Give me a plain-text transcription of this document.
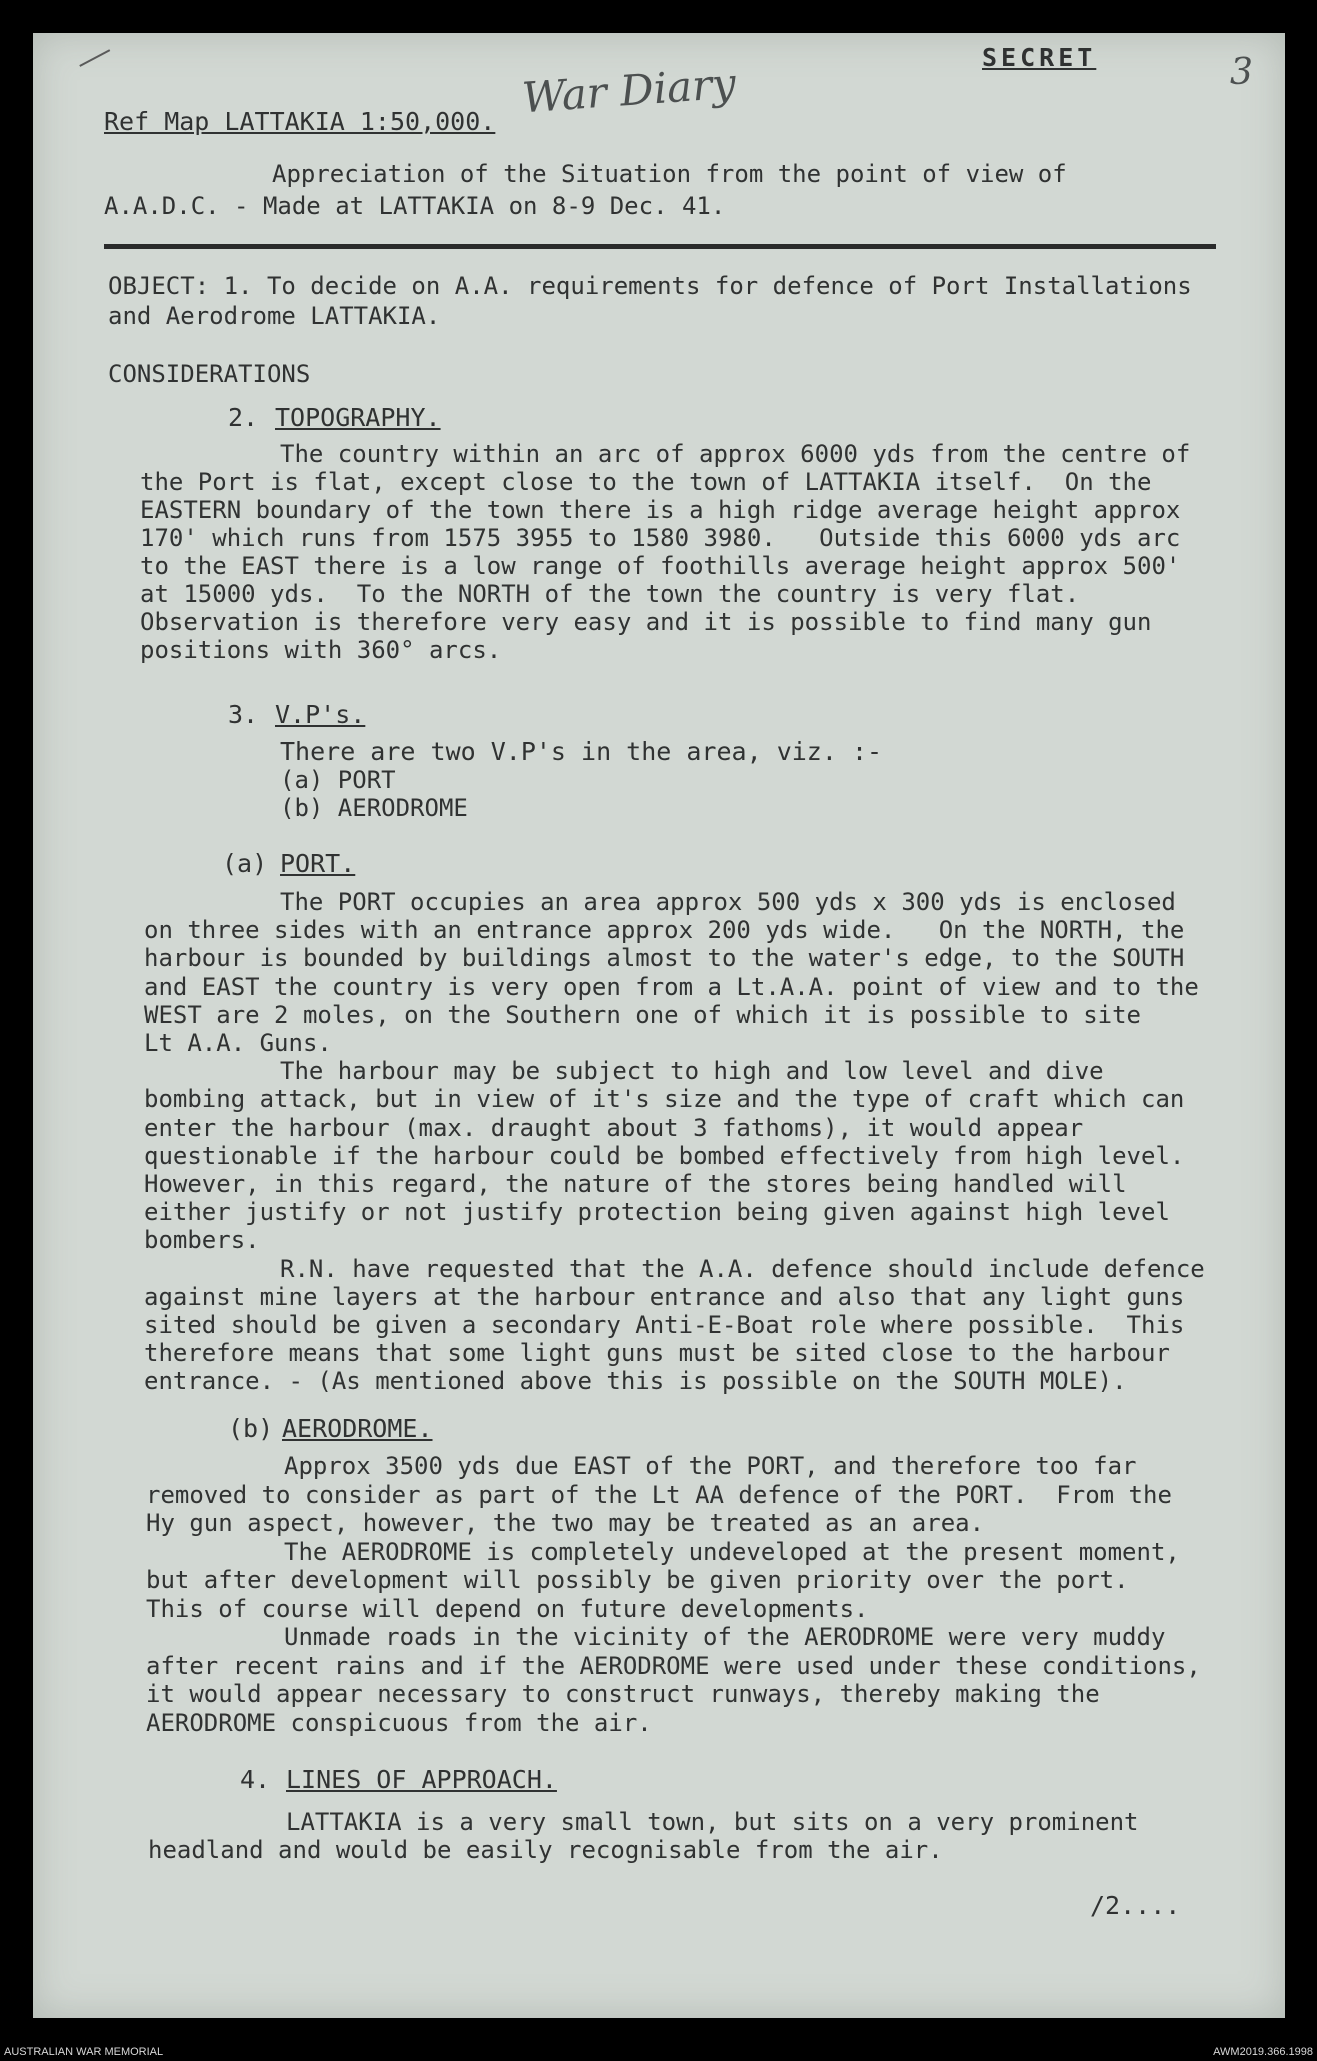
SECRET	3
War Diary
Ref Map LATTAKIA 1:50,000.
Appreciation of the Situation from the point of view of
A.A.D.C. - Made at LATTAKIA on 8-9 Dec. 41.
OBJECT: 1. To decide on A.A. requirements for defence of Port Installations
and Aerodrome LATTAKIA.
CONSIDERATIONS
2. TOPOGRAPHY.
The country within an arc of approx 6000 yds from the centre of
the Port is flat, except close to the town of LATTAKIA itself.  On the
EASTERN boundary of the town there is a high ridge average height approx
170' which runs from 1575 3955 to 1580 3980.   Outside this 6000 yds arc
to the EAST there is a low range of foothills average height approx 500'
at 15000 yds.  To the NORTH of the town the country is very flat.
Observation is therefore very easy and it is possible to find many gun
positions with 360° arcs.
3. V.P's.
There are two V.P's in the area, viz. :-
(a) PORT
(b) AERODROME
(a) PORT.
The PORT occupies an area approx 500 yds x 300 yds is enclosed
on three sides with an entrance approx 200 yds wide.   On the NORTH, the
harbour is bounded by buildings almost to the water's edge, to the SOUTH
and EAST the country is very open from a Lt.A.A. point of view and to the
WEST are 2 moles, on the Southern one of which it is possible to site
Lt A.A. Guns.
The harbour may be subject to high and low level and dive
bombing attack, but in view of it's size and the type of craft which can
enter the harbour (max. draught about 3 fathoms), it would appear
questionable if the harbour could be bombed effectively from high level.
However, in this regard, the nature of the stores being handled will
either justify or not justify protection being given against high level
bombers.
R.N. have requested that the A.A. defence should include defence
against mine layers at the harbour entrance and also that any light guns
sited should be given a secondary Anti-E-Boat role where possible.  This
therefore means that some light guns must be sited close to the harbour
entrance. - (As mentioned above this is possible on the SOUTH MOLE).
(b) AERODROME.
Approx 3500 yds due EAST of the PORT, and therefore too far
removed to consider as part of the Lt AA defence of the PORT.  From the
Hy gun aspect, however, the two may be treated as an area.
The AERODROME is completely undeveloped at the present moment,
but after development will possibly be given priority over the port.
This of course will depend on future developments.
Unmade roads in the vicinity of the AERODROME were very muddy
after recent rains and if the AERODROME were used under these conditions,
it would appear necessary to construct runways, thereby making the
AERODROME conspicuous from the air.
4. LINES OF APPROACH.
LATTAKIA is a very small town, but sits on a very prominent
headland and would be easily recognisable from the air.
/2....
AUSTRALIAN WAR MEMORIAL	AWM2019.366.1998
